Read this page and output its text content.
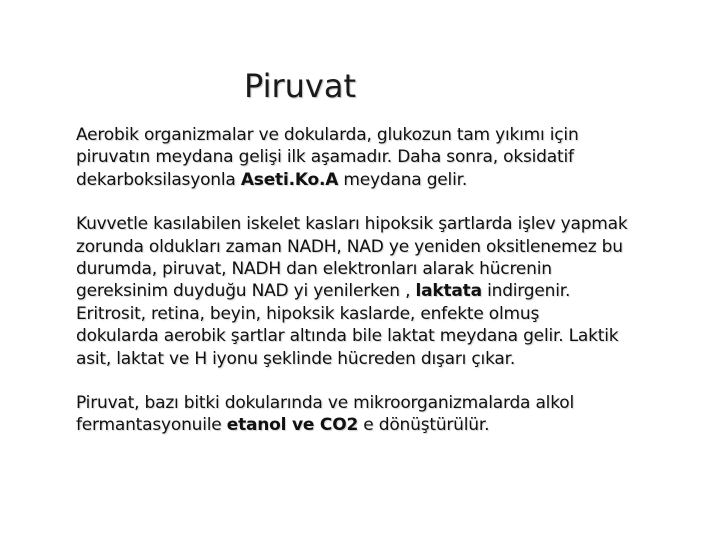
Piruvat

Aerobik organizmalar ve dokularda, glukozun tam yıkımı için
piruvatın meydana gelişi ilk aşamadır. Daha sonra, oksidatif
dekarboksilasyonla Aseti.Ko.A meydana gelir.

Kuvvetle kasılabilen iskelet kasları hipoksik şartlarda işlev yapmak
zorunda oldukları zaman NADH, NAD ye yeniden oksitlenemez bu
durumda, piruvat, NADH dan elektronları alarak hücrenin
gereksinim duyduğu NAD yi yenilerken , laktata indirgenir.
Eritrosit, retina, beyin, hipoksik kaslarde, enfekte olmuş
dokularda aerobik şartlar altında bile laktat meydana gelir. Laktik
asit, laktat ve H iyonu şeklinde hücreden dışarı çıkar.

Piruvat, bazı bitki dokularında ve mikroorganizmalarda alkol
fermantasyonuile etanol ve CO2 e dönüştürülür.
